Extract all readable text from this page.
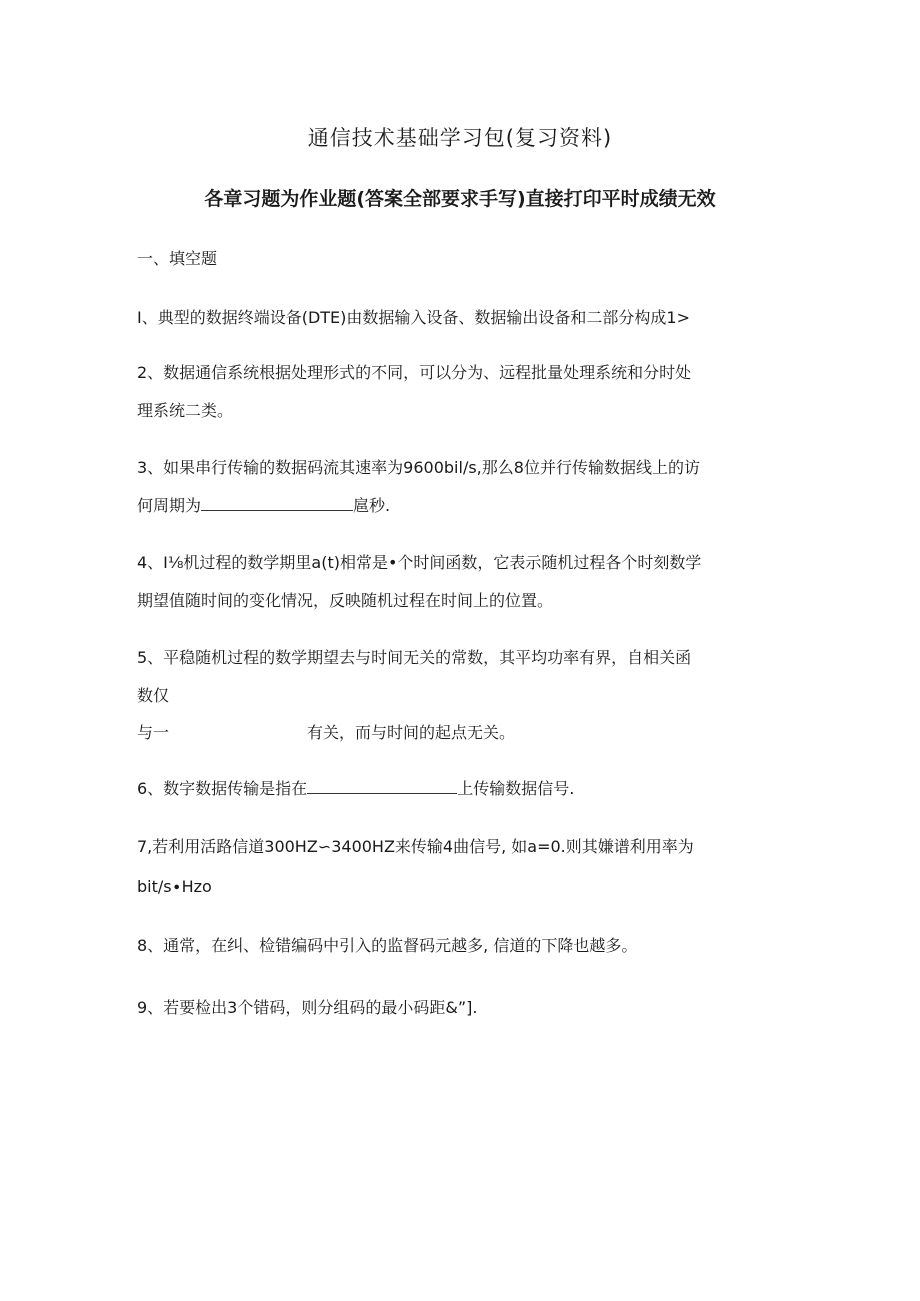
通信技术基础学习包(复习资料)
各章习题为作业题(答案全部要求手写)直接打印平时成绩无效
一、填空题
I、典型的数据终端设备(DTE)由数据输入设备、数据输出设备和二部分构成1>
2、数据通信系统根据处理形式的不同，可以分为、远程批量处理系统和分时处
理系统二类。
3、如果串行传输的数据码流其速率为9600bil∕s,那么8位并行传输数据线上的访
何周期为	扈秒.
4、I⅛机过程的数学期里a(t)相常是•个时间函数，它表示随机过程各个时刻数学
期望值随时间的变化情况，反映随机过程在时间上的位置。
5、平稳随机过程的数学期望去与时间无关的常数，其平均功率有界，自相关函
数仅
与一	有关，而与时间的起点无关。
6、数字数据传输是指在	上传输数据信号.
7,若利用活路信道300HZ∽3400HZ来传输4曲信号, 如a=0.则其嫌谱利用率为
bit/s∙Hzo
8、通常，在纠、检错编码中引入的监督码元越多, 信道的下降也越多。
9、若要检出3个错码，则分组码的最小码距&”].
